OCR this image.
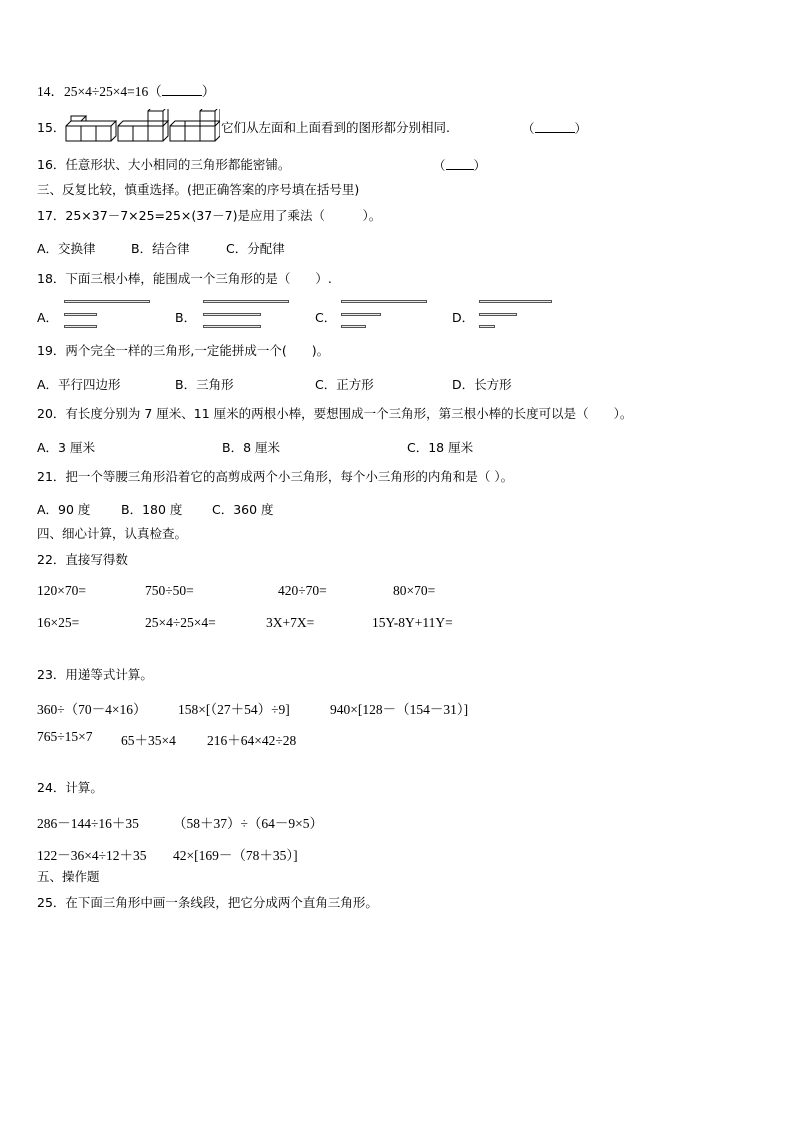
14．25×4÷25×4=16（	）
15．	它们从左面和上面看到的图形都分别相同.	（	）
16．任意形状、大小相同的三角形都能密铺。	（ ）
三、反复比较，慎重选择。(把正确答案的序号填在括号里)
17．25×37－7×25=25×(37－7)是应用了乘法（　　　）。
A．交换律	B．结合律	C．分配律
18．下面三根小棒，能围成一个三角形的是（　　）.
A．	B．	C．	D．
19．两个完全一样的三角形,一定能拼成一个(　　)。
A．平行四边形	B．三角形	C．正方形	D．长方形
20．有长度分别为 7 厘米、11 厘米的两根小棒，要想围成一个三角形，第三根小棒的长度可以是（　　）。
A．3 厘米	B．8 厘米	C．18 厘米
21．把一个等腰三角形沿着它的高剪成两个小三角形，每个小三角形的内角和是（ ）。
A．90 度 B．180 度 C．360 度
四、细心计算，认真检查。
22．直接写得数
120×70=	750÷50=	420÷70=	80×70=
16×25=	25×4÷25×4=	3X+7X=	15Y-8Y+11Y=
23．用递等式计算。
360÷（70－4×16） 158×[（27＋54）÷9]	940×[128－（154－31）]
765÷15×7 65＋35×4 216＋64×42÷28
24．计算。
286－144÷16＋35	（58＋37）÷（64－9×5）
122－36×4÷12＋35 42×[169－（78＋35）]
五、操作题
25．在下面三角形中画一条线段，把它分成两个直角三角形。
